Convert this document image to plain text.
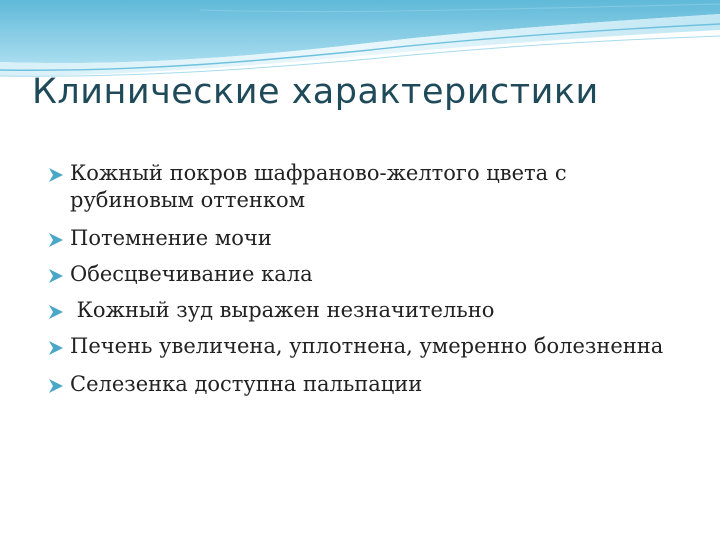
Клинические характеристики
Кожный покров шафраново-желтого цвета с рубиновым оттенком
Потемнение мочи
Обесцвечивание кала
Кожный зуд выражен незначительно
Печень увеличена, уплотнена, умеренно болезненна
Селезенка доступна пальпации
